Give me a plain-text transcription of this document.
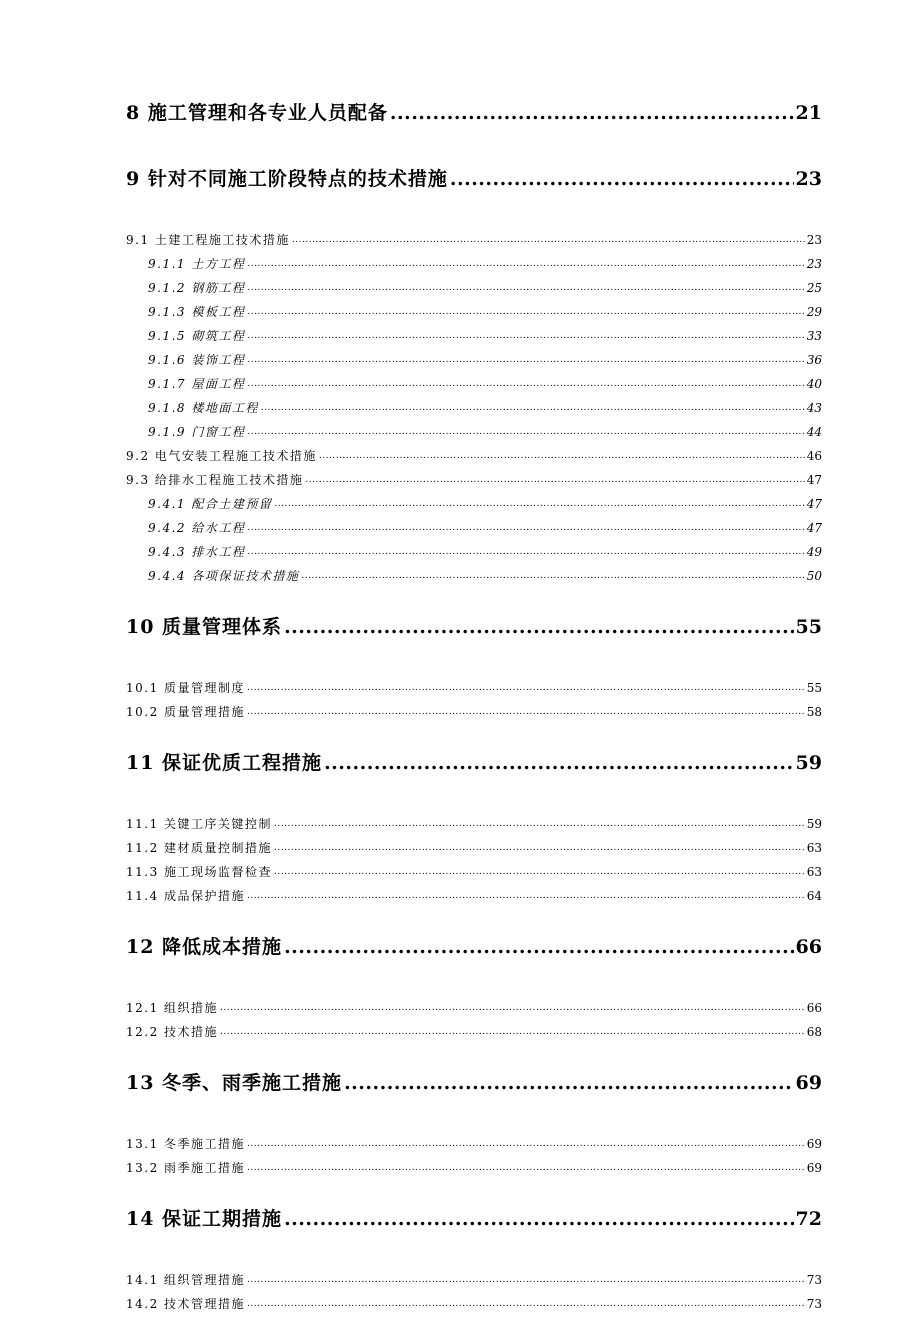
8 施工管理和各专业人员配备 .....	21
9 针对不同施工阶段特点的技术措施 .....	23
9.1 土建工程施工技术措施 .....	23
9.1.1 土方工程 .....	23
9.1.2 钢筋工程 .....	25
9.1.3 模板工程 .....	29
9.1.5 砌筑工程 .....	33
9.1.6 装饰工程 .....	36
9.1.7 屋面工程 .....	40
9.1.8 楼地面工程 .....	43
9.1.9 门窗工程 .....	44
9.2 电气安装工程施工技术措施 .....	46
9.3 给排水工程施工技术措施 .....	47
9.4.1 配合土建预留 .....	47
9.4.2 给水工程 .....	47
9.4.3 排水工程 .....	49
9.4.4 各项保证技术措施 .....	50
10 质量管理体系 .....	55
10.1 质量管理制度 .....	55
10.2 质量管理措施 .....	58
11 保证优质工程措施 .....	59
11.1 关键工序关键控制 .....	59
11.2 建材质量控制措施 .....	63
11.3 施工现场监督检查 .....	63
11.4 成品保护措施 .....	64
12 降低成本措施 .....	66
12.1 组织措施 .....	66
12.2 技术措施 .....	68
13 冬季、雨季施工措施 .....	69
13.1 冬季施工措施 .....	69
13.2 雨季施工措施 .....	69
14 保证工期措施 .....	72
14.1 组织管理措施 .....	73
14.2 技术管理措施 .....	73
